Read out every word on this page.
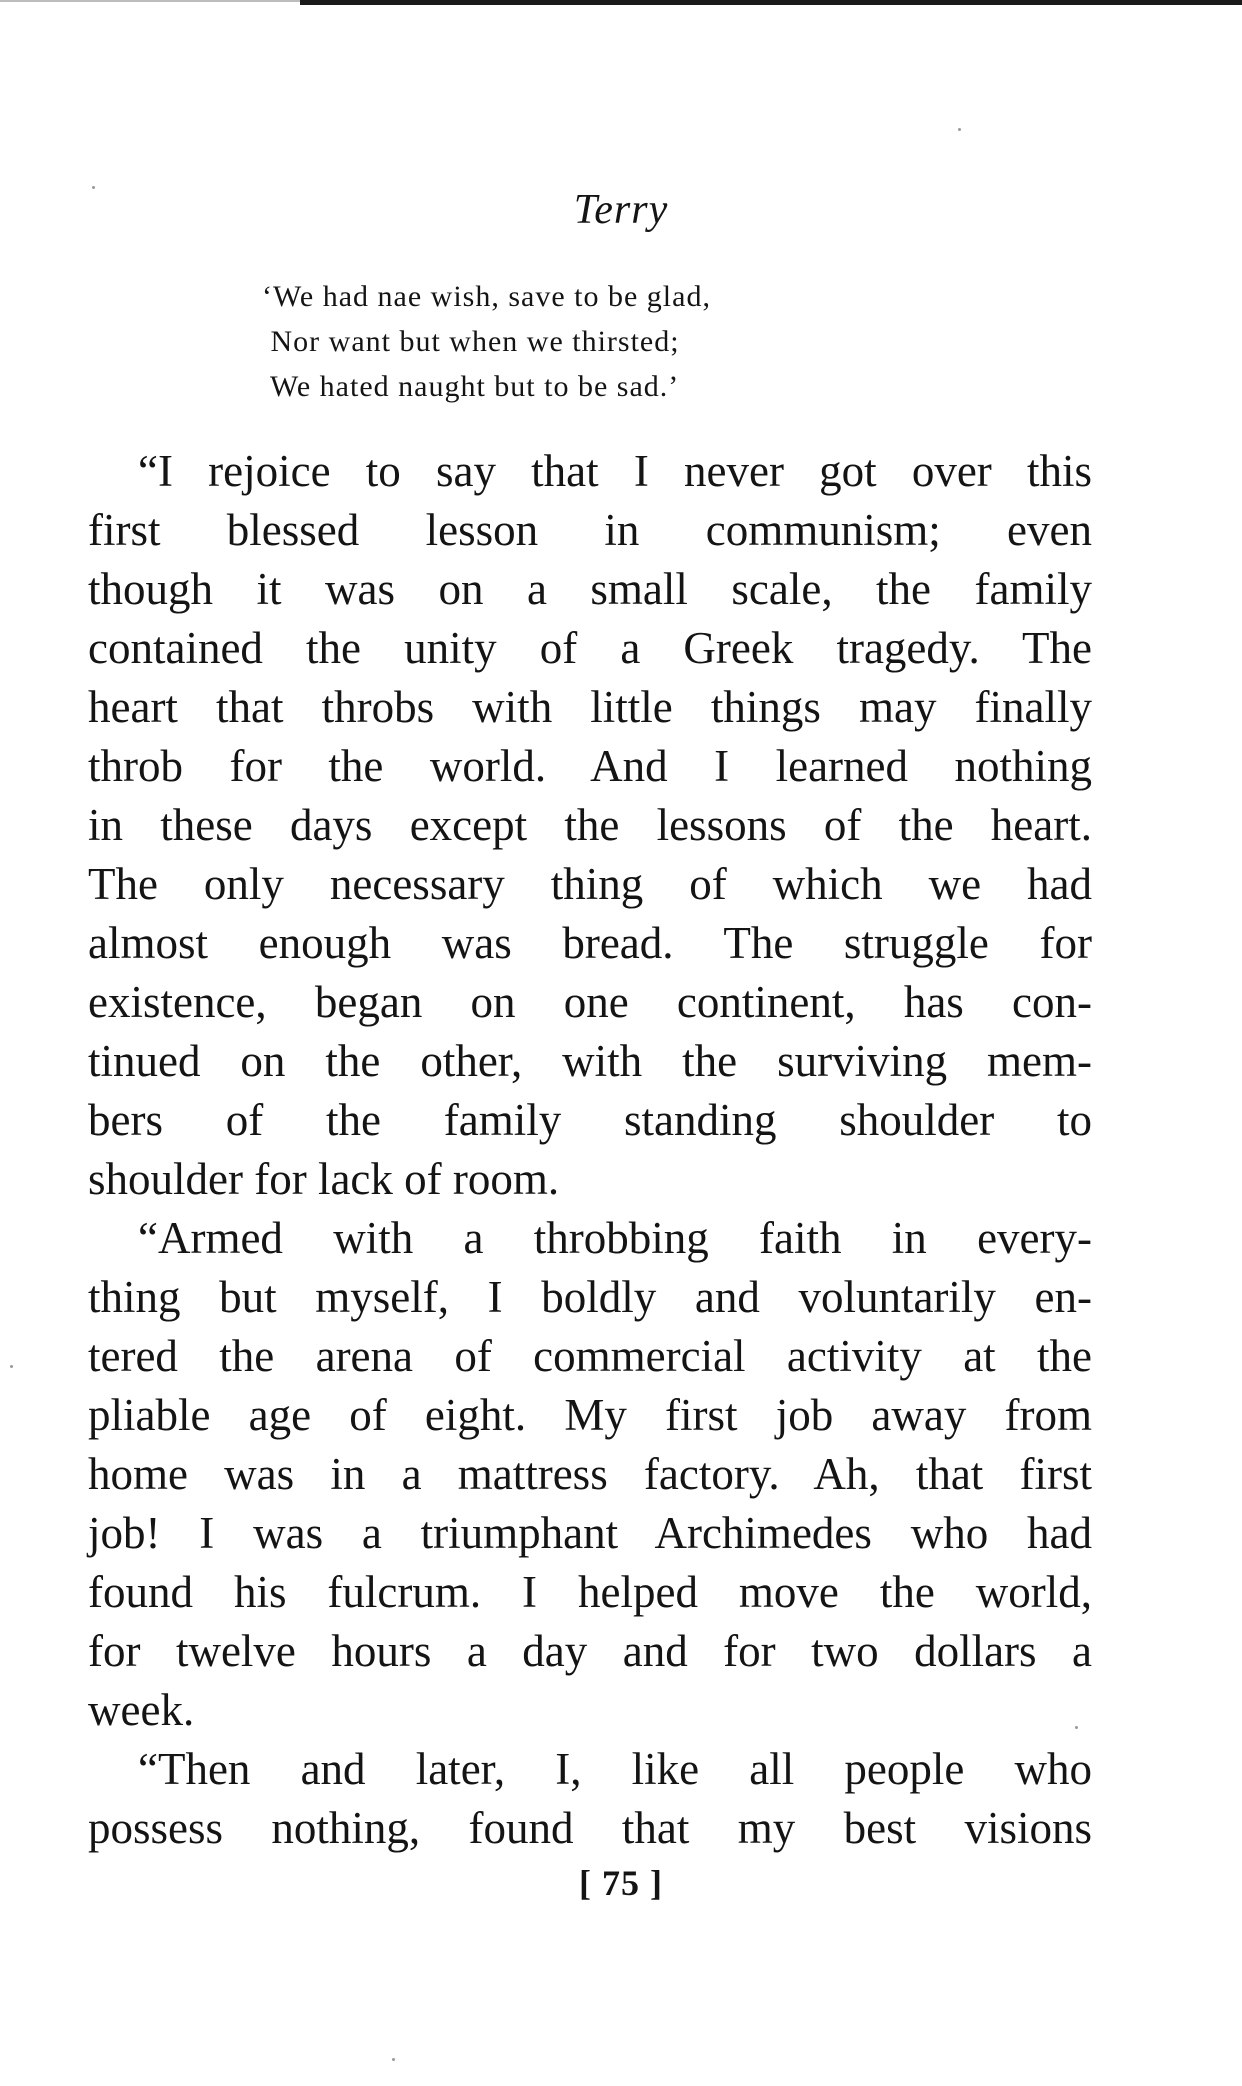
Terry
‘We had nae wish, save to be glad,
Nor want but when we thirsted;
We hated naught but to be sad.’
“I rejoice to say that I never got over this
first blessed lesson in communism; even
though it was on a small scale, the family
contained the unity of a Greek tragedy. The
heart that throbs with little things may finally
throb for the world. And I learned nothing
in these days except the lessons of the heart.
The only necessary thing of which we had
almost enough was bread. The struggle for
existence, began on one continent, has con-
tinued on the other, with the surviving mem-
bers of the family standing shoulder to
shoulder for lack of room.
“Armed with a throbbing faith in every-
thing but myself, I boldly and voluntarily en-
tered the arena of commercial activity at the
pliable age of eight. My first job away from
home was in a mattress factory. Ah, that first
job! I was a triumphant Archimedes who had
found his fulcrum. I helped move the world,
for twelve hours a day and for two dollars a
week.
“Then and later, I, like all people who
possess nothing, found that my best visions
[ 75 ]
